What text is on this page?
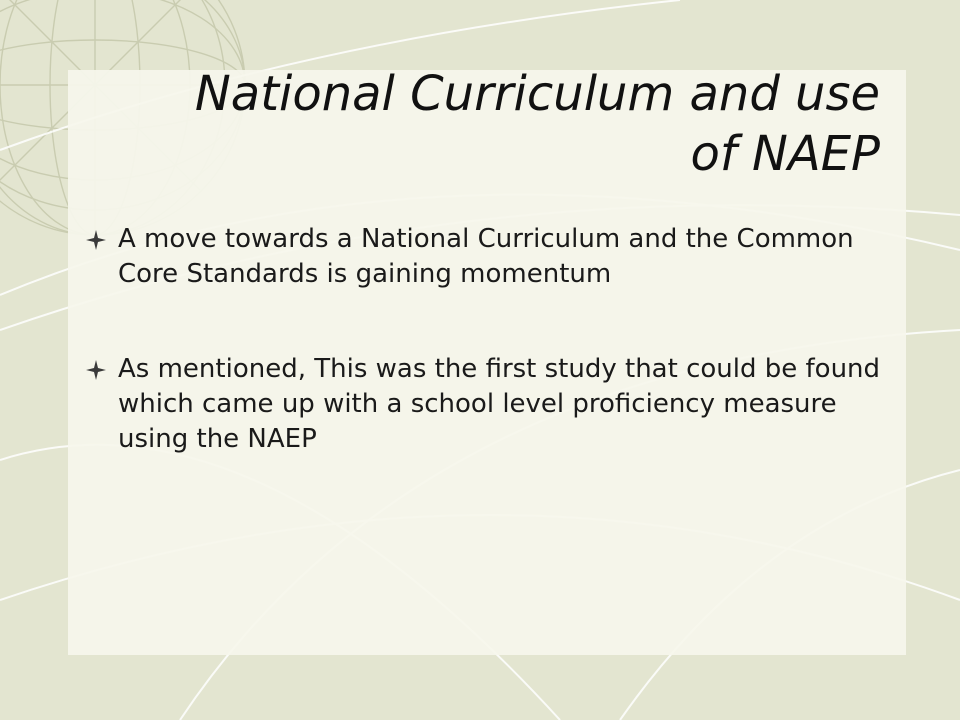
National Curriculum and use
of NAEP
A move towards a National Curriculum and the Common Core Standards is gaining momentum
As mentioned, This was the first study that could be found which came up with a school level proficiency measure using the NAEP
